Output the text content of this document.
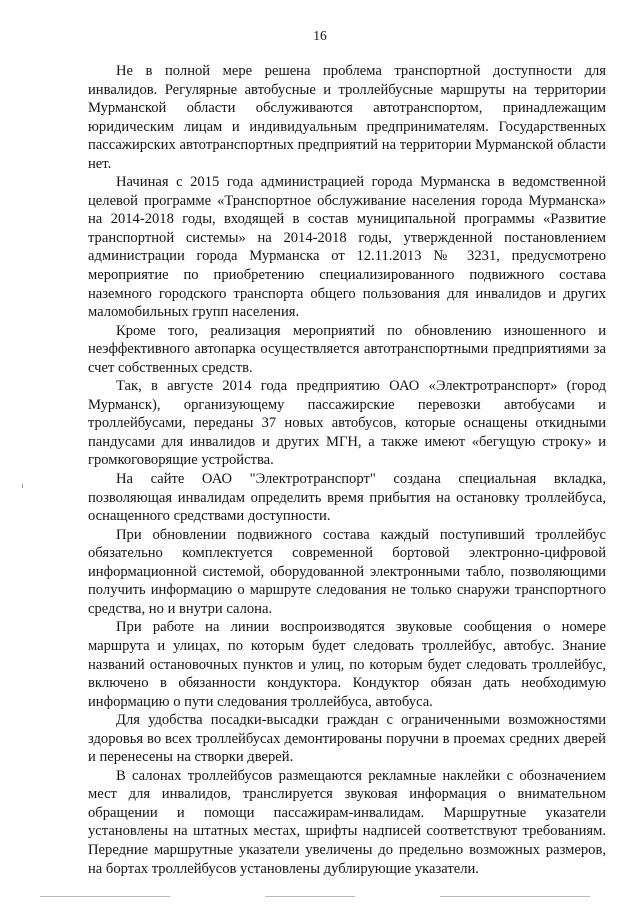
16

Не в полной мере решена проблема транспортной доступности для инвалидов. Регулярные автобусные и троллейбусные маршруты на территории Мурманской области обслуживаются автотранспортом, принадлежащим юридическим лицам и индивидуальным предпринимателям. Государственных пассажирских автотранспортных предприятий на территории Мурманской области нет.

Начиная с 2015 года администрацией города Мурманска в ведомственной целевой программе «Транспортное обслуживание населения города Мурманска» на 2014-2018 годы, входящей в состав муниципальной программы «Развитие транспортной системы» на 2014-2018 годы, утвержденной постановлением администрации города Мурманска от 12.11.2013 № 3231, предусмотрено мероприятие по приобретению специализированного подвижного состава наземного городского транспорта общего пользования для инвалидов и других маломобильных групп населения.

Кроме того, реализация мероприятий по обновлению изношенного и неэффективного автопарка осуществляется автотранспортными предприятиями за счет собственных средств.

Так, в августе 2014 года предприятию ОАО «Электротранспорт» (город Мурманск), организующему пассажирские перевозки автобусами и троллейбусами, переданы 37 новых автобусов, которые оснащены откидными пандусами для инвалидов и других МГН, а также имеют «бегущую строку» и громкоговорящие устройства.

На сайте ОАО "Электротранспорт" создана специальная вкладка, позволяющая инвалидам определить время прибытия на остановку троллейбуса, оснащенного средствами доступности.

При обновлении подвижного состава каждый поступивший троллейбус обязательно комплектуется современной бортовой электронно-цифровой информационной системой, оборудованной электронными табло, позволяющими получить информацию о маршруте следования не только снаружи транспортного средства, но и внутри салона.

При работе на линии воспроизводятся звуковые сообщения о номере маршрута и улицах, по которым будет следовать троллейбус, автобус. Знание названий остановочных пунктов и улиц, по которым будет следовать троллейбус, включено в обязанности кондуктора. Кондуктор обязан дать необходимую информацию о пути следования троллейбуса, автобуса.

Для удобства посадки-высадки граждан с ограниченными возможностями здоровья во всех троллейбусах демонтированы поручни в проемах средних дверей и перенесены на створки дверей.

В салонах троллейбусов размещаются рекламные наклейки с обозначением мест для инвалидов, транслируется звуковая информация о внимательном обращении и помощи пассажирам-инвалидам. Маршрутные указатели установлены на штатных местах, шрифты надписей соответствуют требованиям. Передние маршрутные указатели увеличены до предельно возможных размеров, на бортах троллейбусов установлены дублирующие указатели.
